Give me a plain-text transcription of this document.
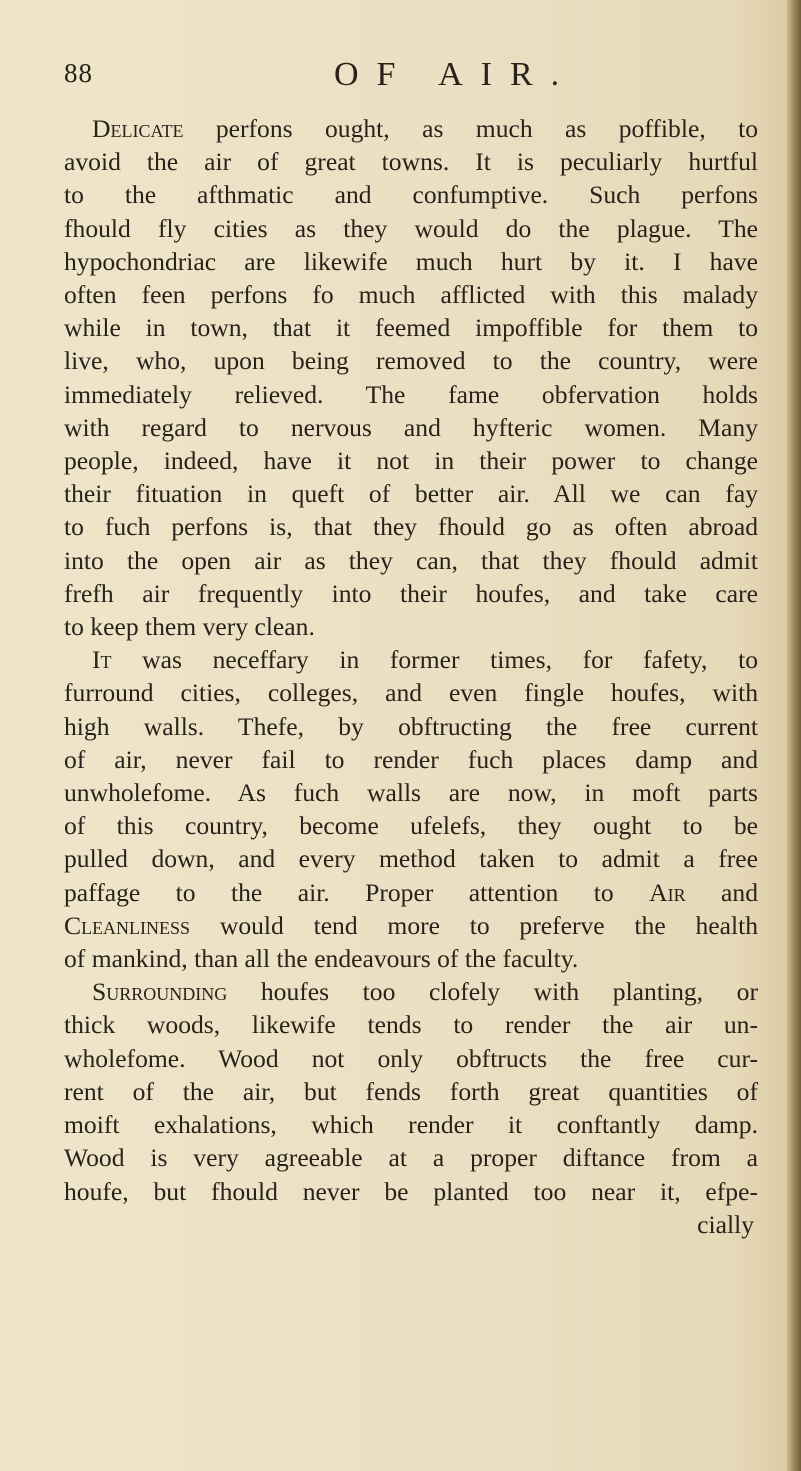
88	OF AIR.
Delicate perfons ought, as much as poffible, to
avoid the air of great towns. It is peculiarly hurtful
to the afthmatic and confumptive. Such perfons
fhould fly cities as they would do the plague. The
hypochondriac are likewife much hurt by it. I have
often feen perfons fo much afflicted with this malady
while in town, that it feemed impoffible for them to
live, who, upon being removed to the country, were
immediately relieved. The fame obfervation holds
with regard to nervous and hyfteric women. Many
people, indeed, have it not in their power to change
their fituation in queft of better air. All we can fay
to fuch perfons is, that they fhould go as often abroad
into the open air as they can, that they fhould admit
frefh air frequently into their houfes, and take care
to keep them very clean.
It was neceffary in former times, for fafety, to
furround cities, colleges, and even fingle houfes, with
high walls. Thefe, by obftructing the free current
of air, never fail to render fuch places damp and
unwholefome. As fuch walls are now, in moft parts
of this country, become ufelefs, they ought to be
pulled down, and every method taken to admit a free
paffage to the air. Proper attention to Air and
Cleanliness would tend more to preferve the health
of mankind, than all the endeavours of the faculty.
Surrounding houfes too clofely with planting, or
thick woods, likewife tends to render the air un-
wholefome. Wood not only obftructs the free cur-
rent of the air, but fends forth great quantities of
moift exhalations, which render it conftantly damp.
Wood is very agreeable at a proper diftance from a
houfe, but fhould never be planted too near it, efpe-
cially
